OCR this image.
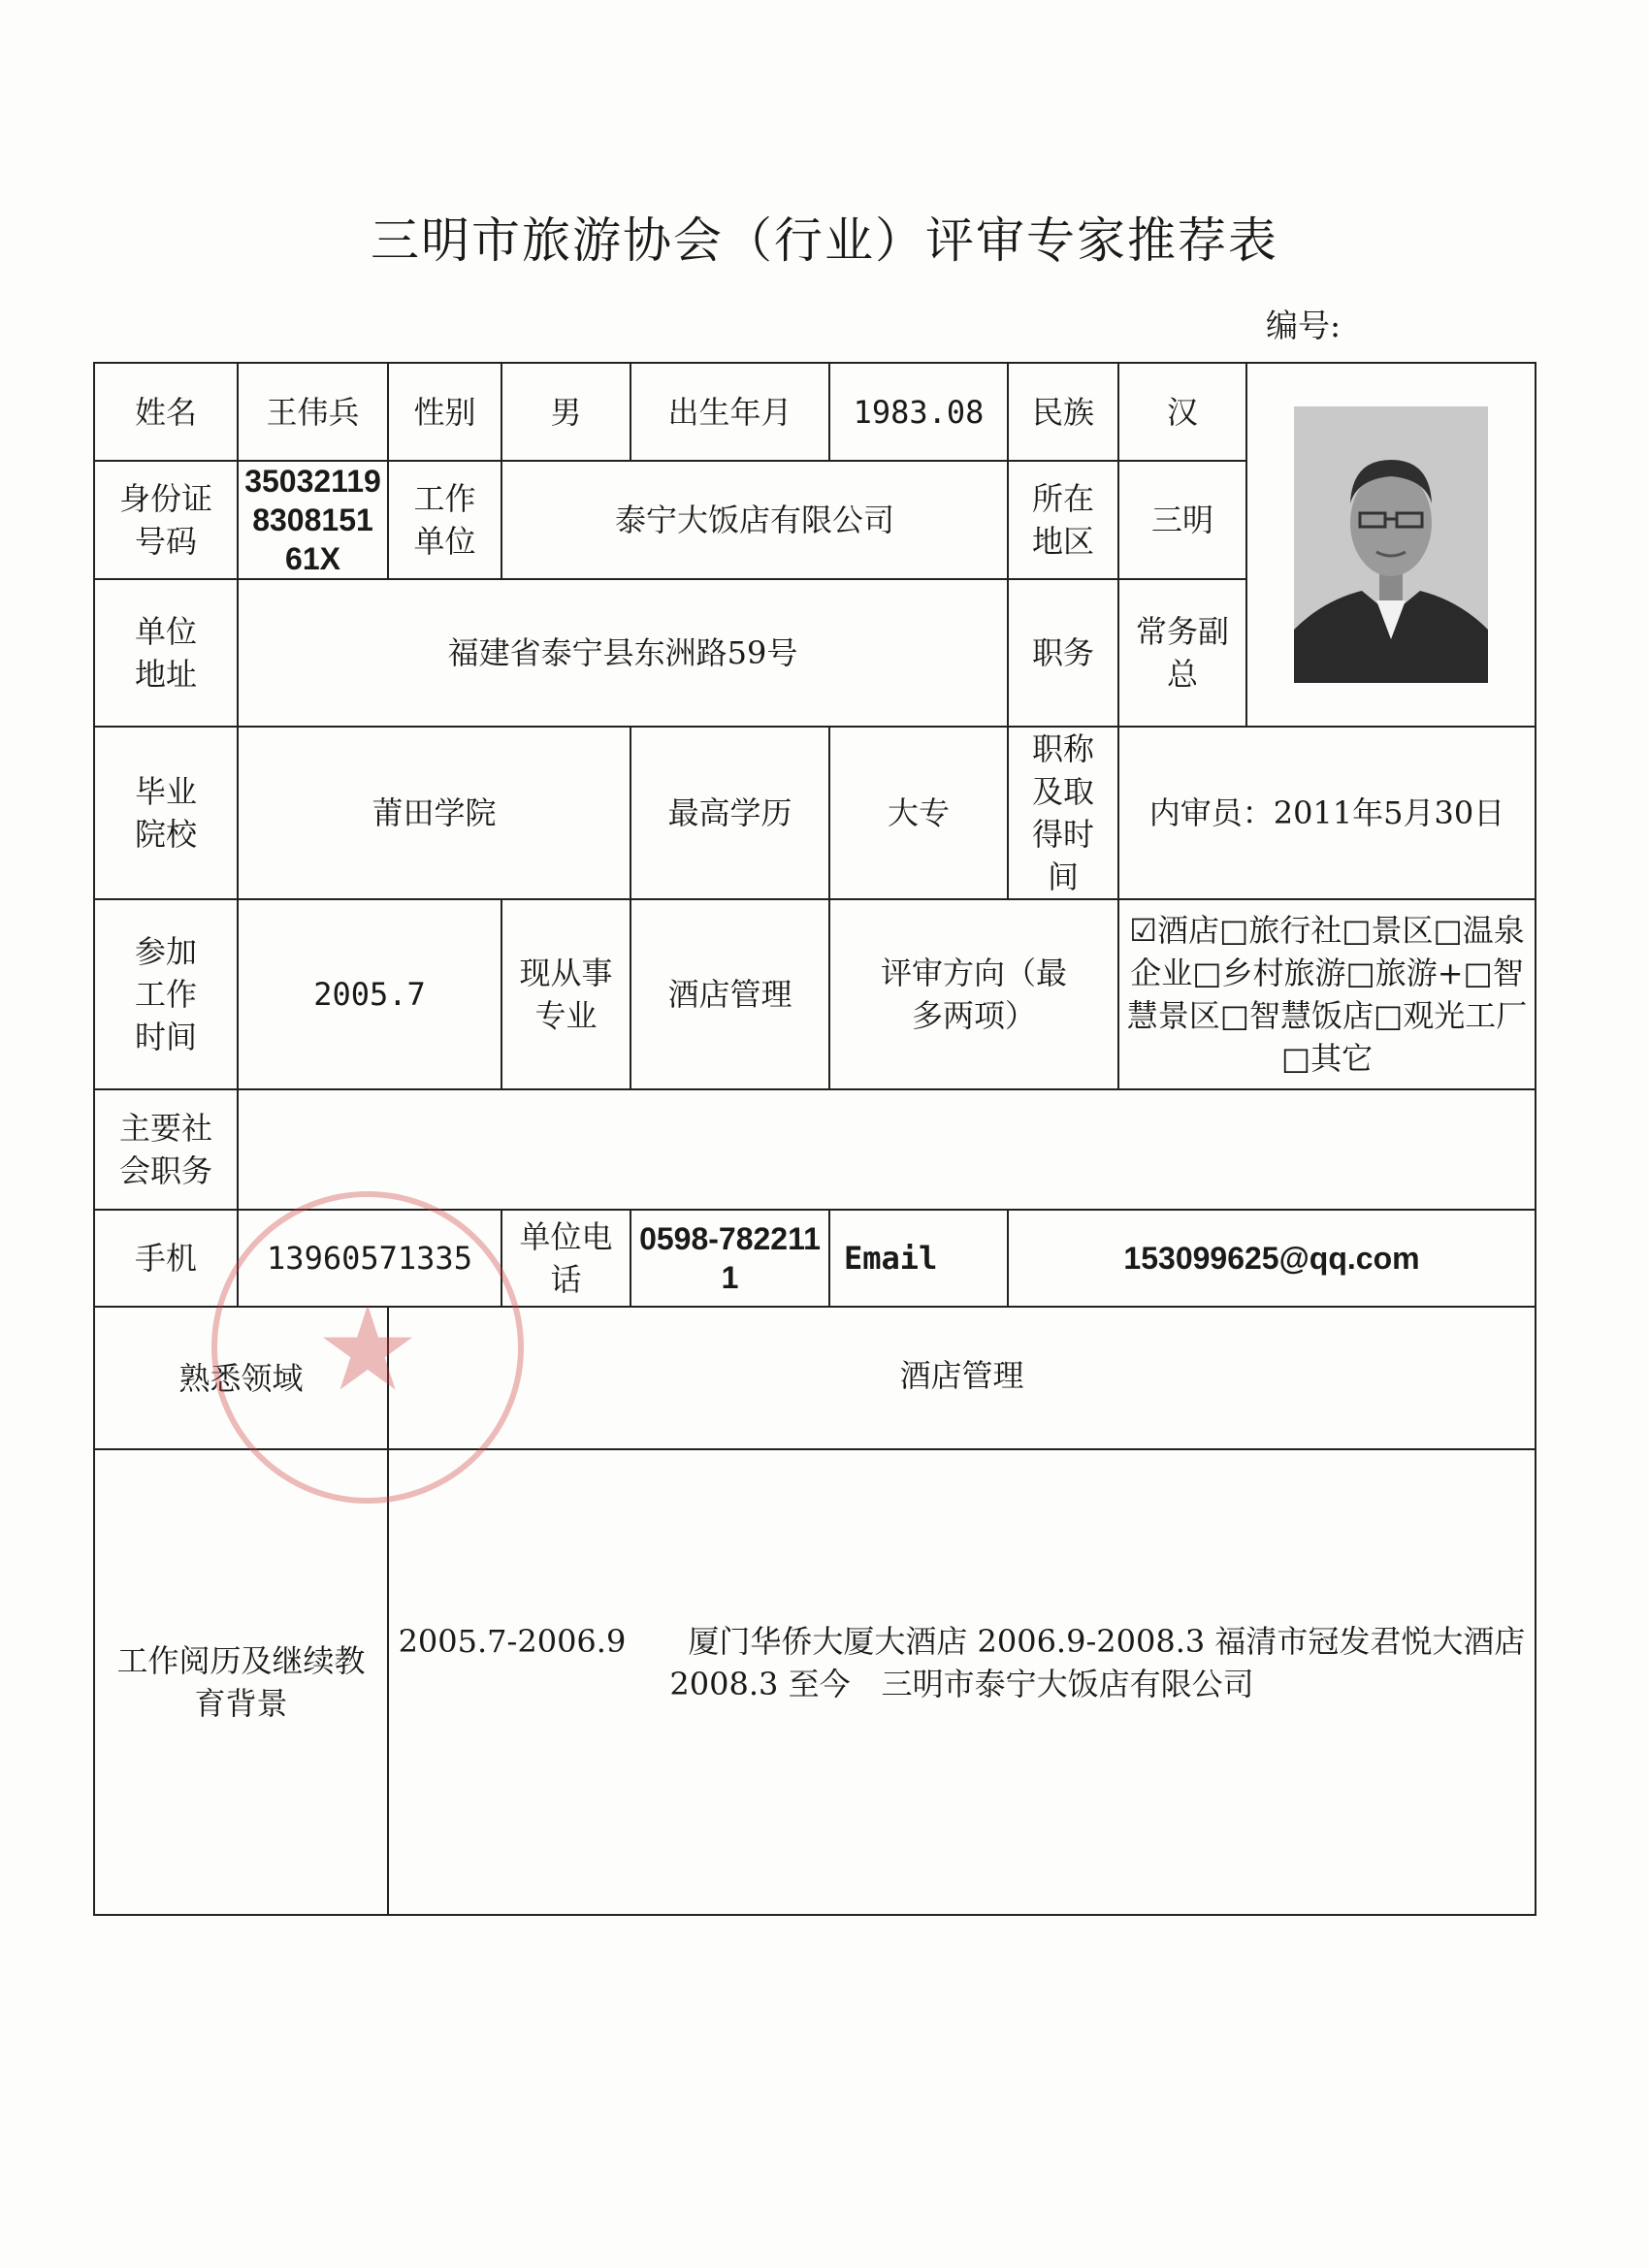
三明市旅游协会（行业）评审专家推荐表
编号:
姓名	王伟兵	性别	男	出生年月	1983.08	民族	汉	

身份证号码	35032119830815161X	工作单位	泰宁大饭店有限公司			所在地区	三明	
单位地址	福建省泰宁县东洲路59号					职务	常务副总	
毕业院校	莆田学院			最高学历	大专	职称及取得时间	内审员：2011年5月30日	
参加工作时间	2005.7		现从事专业	酒店管理	评审方向（最多两项）		☑酒店□旅行社□景区□温泉企业□乡村旅游□旅游+□智慧景区□智慧饭店□观光工厂□其它	
主要社会职务								
手机	13960571335		单位电话	0598-7822111	Email	153099625@qq.com		
熟悉领域		酒店管理						
工作阅历及继续教育背景		2005.7-2006.9　　厦门华侨大厦大酒店 2006.9-2008.3 福清市冠发君悦大酒店
2008.3 至今　三明市泰宁大饭店有限公司						
★
